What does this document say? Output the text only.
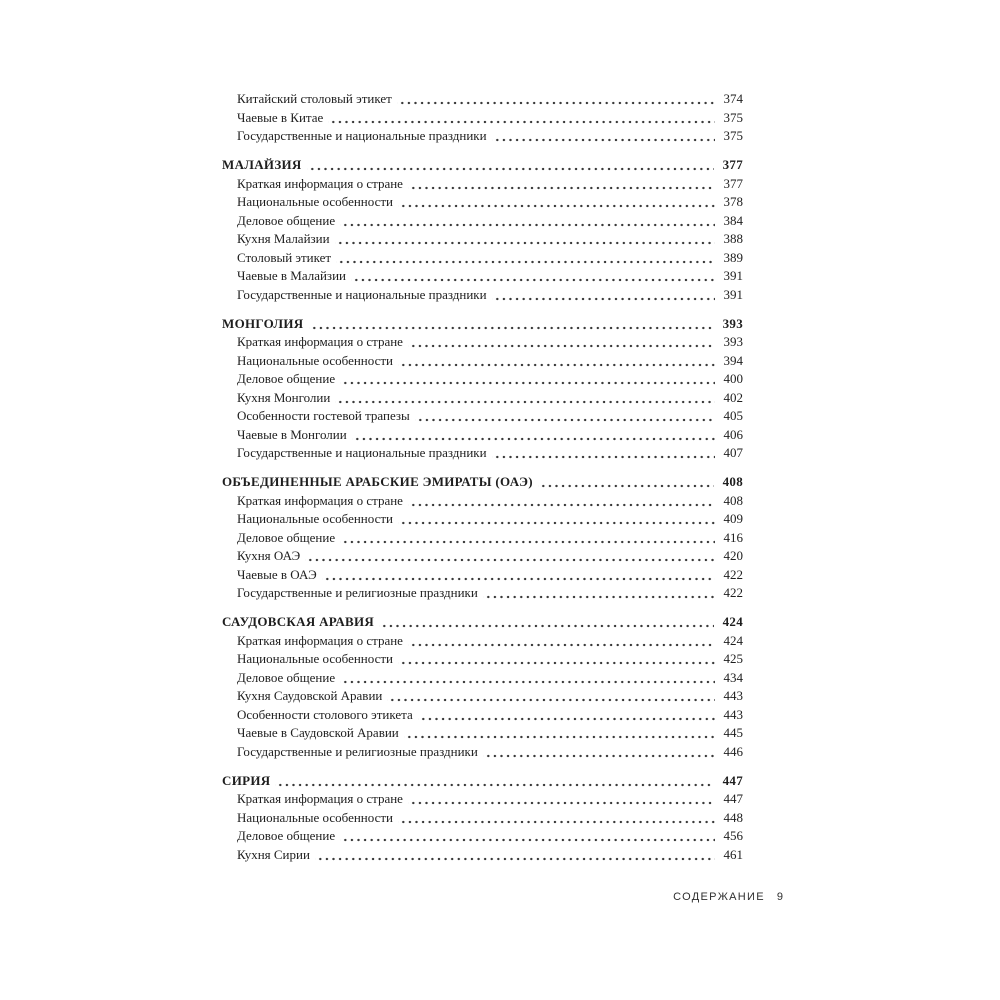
Китайский столовый этикет	374
Чаевые в Китае	375
Государственные и национальные праздники	375
МАЛАЙЗИЯ	377
Краткая информация о стране	377
Национальные особенности	378
Деловое общение	384
Кухня Малайзии	388
Столовый этикет	389
Чаевые в Малайзии	391
Государственные и национальные праздники	391
МОНГОЛИЯ	393
Краткая информация о стране	393
Национальные особенности	394
Деловое общение	400
Кухня Монголии	402
Особенности гостевой трапезы	405
Чаевые в Монголии	406
Государственные и национальные праздники	407
ОБЪЕДИНЕННЫЕ АРАБСКИЕ ЭМИРАТЫ (ОАЭ)	408
Краткая информация о стране	408
Национальные особенности	409
Деловое общение	416
Кухня ОАЭ	420
Чаевые в ОАЭ	422
Государственные и религиозные праздники	422
САУДОВСКАЯ АРАВИЯ	424
Краткая информация о стране	424
Национальные особенности	425
Деловое общение	434
Кухня Саудовской Аравии	443
Особенности столового этикета	443
Чаевые в Саудовской Аравии	445
Государственные и религиозные праздники	446
СИРИЯ	447
Краткая информация о стране	447
Национальные особенности	448
Деловое общение	456
Кухня Сирии	461
СОДЕРЖАНИЕ 9
